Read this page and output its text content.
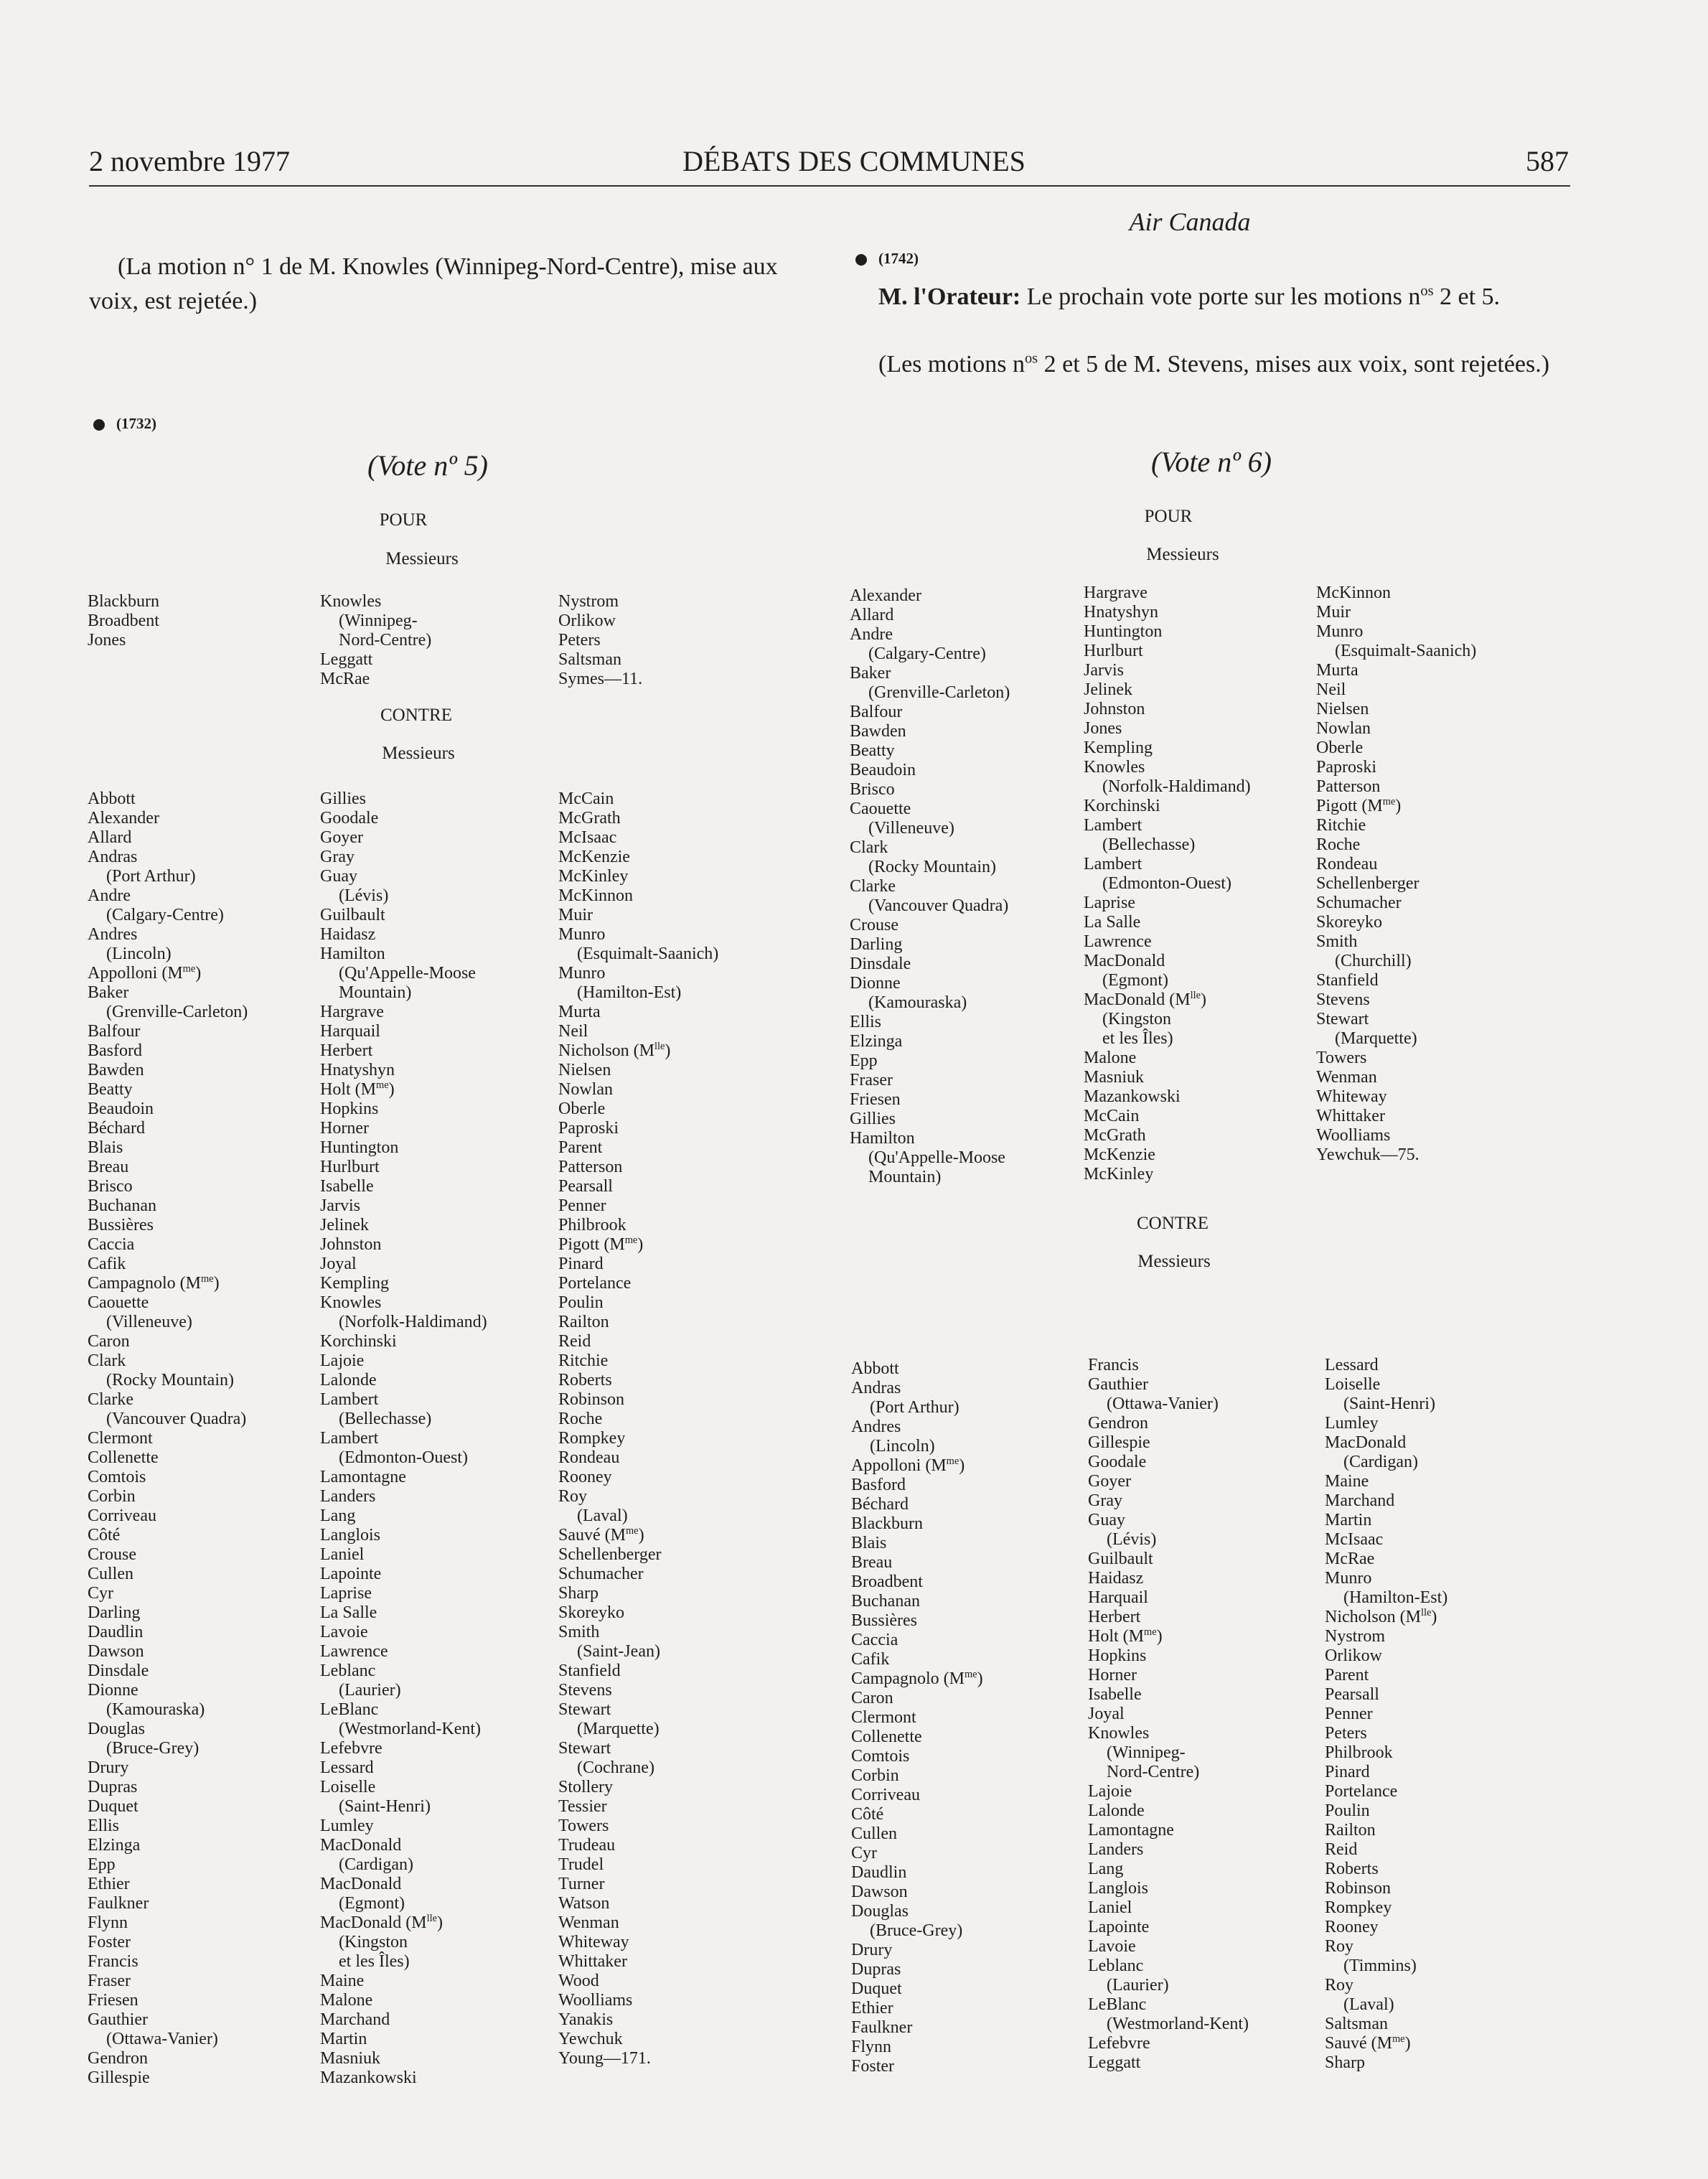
2 novembre 1977	DÉBATS DES COMMUNES	587

(La motion n° 1 de M. Knowles (Winnipeg-Nord-Centre), mise aux voix, est rejetée.)

(1732)
(Vote nº 5)
POUR
Messieurs
Blackburn
Broadbent
Jones
Knowles
(Winnipeg-
Nord-Centre)
Leggatt
McRae
Nystrom
Orlikow
Peters
Saltsman
Symes—11.
CONTRE
Messieurs
Abbott
Alexander
Allard
Andras
(Port Arthur)
Andre
(Calgary-Centre)
Andres
(Lincoln)
Appolloni $(M^{me})$
Baker
(Grenville-Carleton)
Balfour
Basford
Bawden
Beatty
Beaudoin
Béchard
Blais
Breau
Brisco
Buchanan
Bussières
Caccia
Cafik
Campagnolo $(M^{me})$
Caouette
(Villeneuve)
Caron
Clark
(Rocky Mountain)
Clarke
(Vancouver Quadra)
Clermont
Collenette
Comtois
Corbin
Corriveau
Côté
Crouse
Cullen
Cyr
Darling
Daudlin
Dawson
Dinsdale
Dionne
(Kamouraska)
Douglas
(Bruce-Grey)
Drury
Dupras
Duquet
Ellis
Elzinga
Epp
Ethier
Faulkner
Flynn
Foster
Francis
Fraser
Friesen
Gauthier
(Ottawa-Vanier)
Gendron
Gillespie
Gillies
Goodale
Goyer
Gray
Guay
(Lévis)
Guilbault
Haidasz
Hamilton
(Qu'Appelle-Moose
Mountain)
Hargrave
Harquail
Herbert
Hnatyshyn
Holt $(M^{me})$
Hopkins
Horner
Huntington
Hurlburt
Isabelle
Jarvis
Jelinek
Johnston
Joyal
Kempling
Knowles
(Norfolk-Haldimand)
Korchinski
Lajoie
Lalonde
Lambert
(Bellechasse)
Lambert
(Edmonton-Ouest)
Lamontagne
Landers
Lang
Langlois
Laniel
Lapointe
Laprise
La Salle
Lavoie
Lawrence
Leblanc
(Laurier)
LeBlanc
(Westmorland-Kent)
Lefebvre
Lessard
Loiselle
(Saint-Henri)
Lumley
MacDonald
(Cardigan)
MacDonald
(Egmont)
MacDonald $(M^{lle})$
(Kingston
et les Îles)
Maine
Malone
Marchand
Martin
Masniuk
Mazankowski
McCain
McGrath
McIsaac
McKenzie
McKinley
McKinnon
Muir
Munro
(Esquimalt-Saanich)
Munro
(Hamilton-Est)
Murta
Neil
Nicholson $(M^{lle})$
Nielsen
Nowlan
Oberle
Paproski
Parent
Patterson
Pearsall
Penner
Philbrook
Pigott $(M^{me})$
Pinard
Portelance
Poulin
Railton
Reid
Ritchie
Roberts
Robinson
Roche
Rompkey
Rondeau
Rooney
Roy
(Laval)
Sauvé $(M^{me})$
Schellenberger
Schumacher
Sharp
Skoreyko
Smith
(Saint-Jean)
Stanfield
Stevens
Stewart
(Marquette)
Stewart
(Cochrane)
Stollery
Tessier
Towers
Trudeau
Trudel
Turner
Watson
Wenman
Whiteway
Whittaker
Wood
Woolliams
Yanakis
Yewchuk
Young—171.
Air Canada
(1742)

M. l'Orateur: Le prochain vote porte sur les motions $n^{os}$ 2 et 5.

(Les motions $n^{os}$ 2 et 5 de M. Stevens, mises aux voix, sont rejetées.)

(Vote nº 6)
POUR
Messieurs
Alexander
Allard
Andre
(Calgary-Centre)
Baker
(Grenville-Carleton)
Balfour
Bawden
Beatty
Beaudoin
Brisco
Caouette
(Villeneuve)
Clark
(Rocky Mountain)
Clarke
(Vancouver Quadra)
Crouse
Darling
Dinsdale
Dionne
(Kamouraska)
Ellis
Elzinga
Epp
Fraser
Friesen
Gillies
Hamilton
(Qu'Appelle-Moose
Mountain)
Hargrave
Hnatyshyn
Huntington
Hurlburt
Jarvis
Jelinek
Johnston
Jones
Kempling
Knowles
(Norfolk-Haldimand)
Korchinski
Lambert
(Bellechasse)
Lambert
(Edmonton-Ouest)
Laprise
La Salle
Lawrence
MacDonald
(Egmont)
MacDonald $(M^{lle})$
(Kingston
et les Îles)
Malone
Masniuk
Mazankowski
McCain
McGrath
McKenzie
McKinley
McKinnon
Muir
Munro
(Esquimalt-Saanich)
Murta
Neil
Nielsen
Nowlan
Oberle
Paproski
Patterson
Pigott $(M^{me})$
Ritchie
Roche
Rondeau
Schellenberger
Schumacher
Skoreyko
Smith
(Churchill)
Stanfield
Stevens
Stewart
(Marquette)
Towers
Wenman
Whiteway
Whittaker
Woolliams
Yewchuk—75.
CONTRE
Messieurs
Abbott
Andras
(Port Arthur)
Andres
(Lincoln)
Appolloni $(M^{me})$
Basford
Béchard
Blackburn
Blais
Breau
Broadbent
Buchanan
Bussières
Caccia
Cafik
Campagnolo $(M^{me})$
Caron
Clermont
Collenette
Comtois
Corbin
Corriveau
Côté
Cullen
Cyr
Daudlin
Dawson
Douglas
(Bruce-Grey)
Drury
Dupras
Duquet
Ethier
Faulkner
Flynn
Foster
Francis
Gauthier
(Ottawa-Vanier)
Gendron
Gillespie
Goodale
Goyer
Gray
Guay
(Lévis)
Guilbault
Haidasz
Harquail
Herbert
Holt $(M^{me})$
Hopkins
Horner
Isabelle
Joyal
Knowles
(Winnipeg-
Nord-Centre)
Lajoie
Lalonde
Lamontagne
Landers
Lang
Langlois
Laniel
Lapointe
Lavoie
Leblanc
(Laurier)
LeBlanc
(Westmorland-Kent)
Lefebvre
Leggatt
Lessard
Loiselle
(Saint-Henri)
Lumley
MacDonald
(Cardigan)
Maine
Marchand
Martin
McIsaac
McRae
Munro
(Hamilton-Est)
Nicholson $(M^{lle})$
Nystrom
Orlikow
Parent
Pearsall
Penner
Peters
Philbrook
Pinard
Portelance
Poulin
Railton
Reid
Roberts
Robinson
Rompkey
Rooney
Roy
(Timmins)
Roy
(Laval)
Saltsman
Sauvé $(M^{me})$
Sharp
